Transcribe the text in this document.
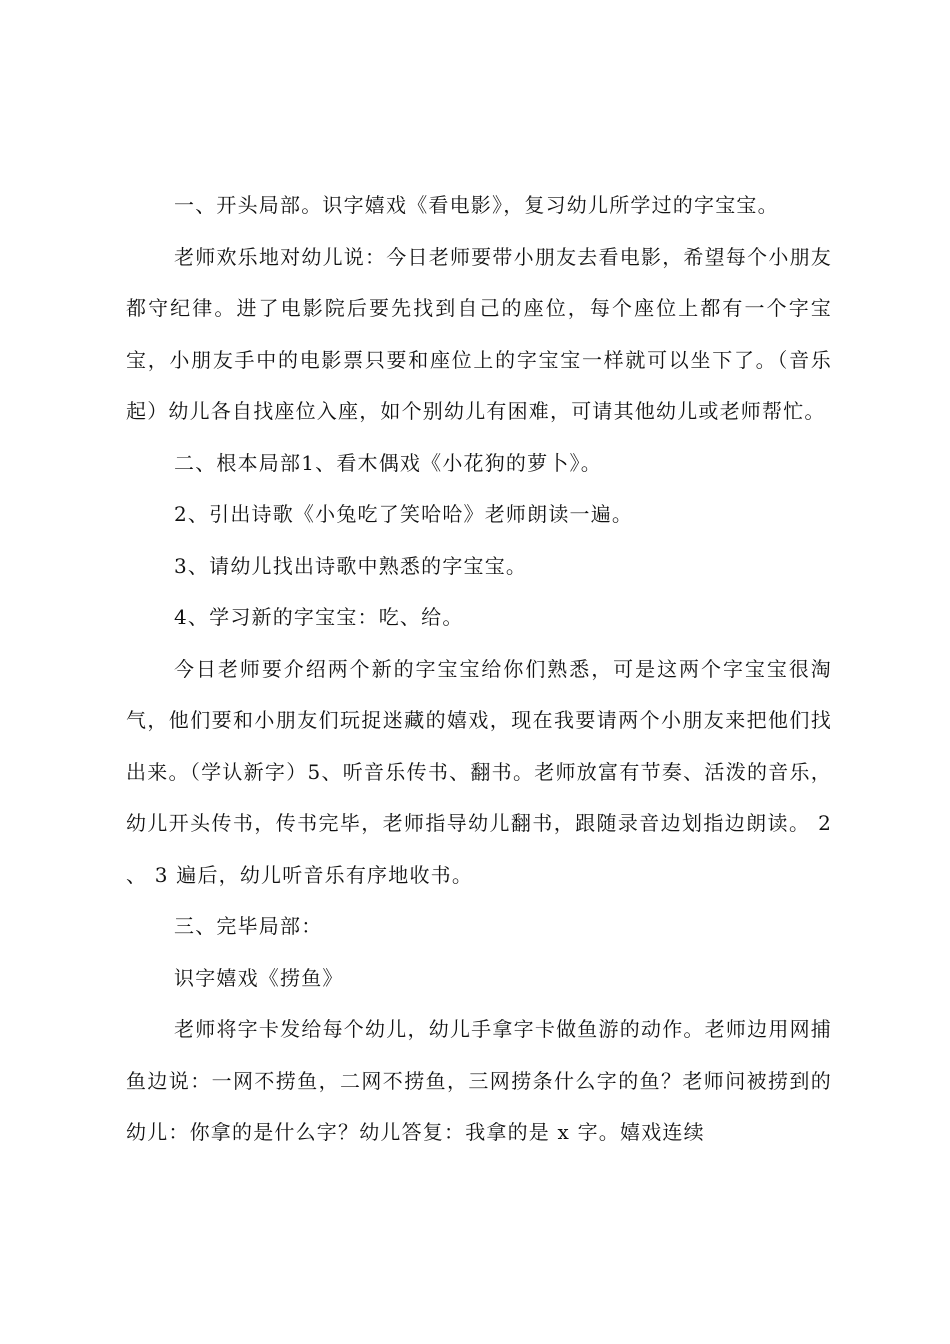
一、开头局部。识字嬉戏《看电影》，复习幼儿所学过的字宝宝。

老师欢乐地对幼儿说：今日老师要带小朋友去看电影，希望每个小朋友都守纪律。进了电影院后要先找到自己的座位，每个座位上都有一个字宝宝，小朋友手中的电影票只要和座位上的字宝宝一样就可以坐下了。（音乐起）幼儿各自找座位入座，如个别幼儿有困难，可请其他幼儿或老师帮忙。

二、根本局部1、看木偶戏《小花狗的萝卜》。

2、引出诗歌《小兔吃了笑哈哈》老师朗读一遍。

3、请幼儿找出诗歌中熟悉的字宝宝。

4、学习新的字宝宝：吃、给。

今日老师要介绍两个新的字宝宝给你们熟悉，可是这两个字宝宝很淘气，他们要和小朋友们玩捉迷藏的嬉戏，现在我要请两个小朋友来把他们找出来。（学认新字）5、听音乐传书、翻书。老师放富有节奏、活泼的音乐，幼儿开头传书，传书完毕，老师指导幼儿翻书，跟随录音边划指边朗读。 2 、 3 遍后，幼儿听音乐有序地收书。

三、完毕局部：

识字嬉戏《捞鱼》

老师将字卡发给每个幼儿，幼儿手拿字卡做鱼游的动作。老师边用网捕鱼边说：一网不捞鱼，二网不捞鱼，三网捞条什么字的鱼？老师问被捞到的幼儿：你拿的是什么字？幼儿答复：我拿的是 x 字。嬉戏连续
